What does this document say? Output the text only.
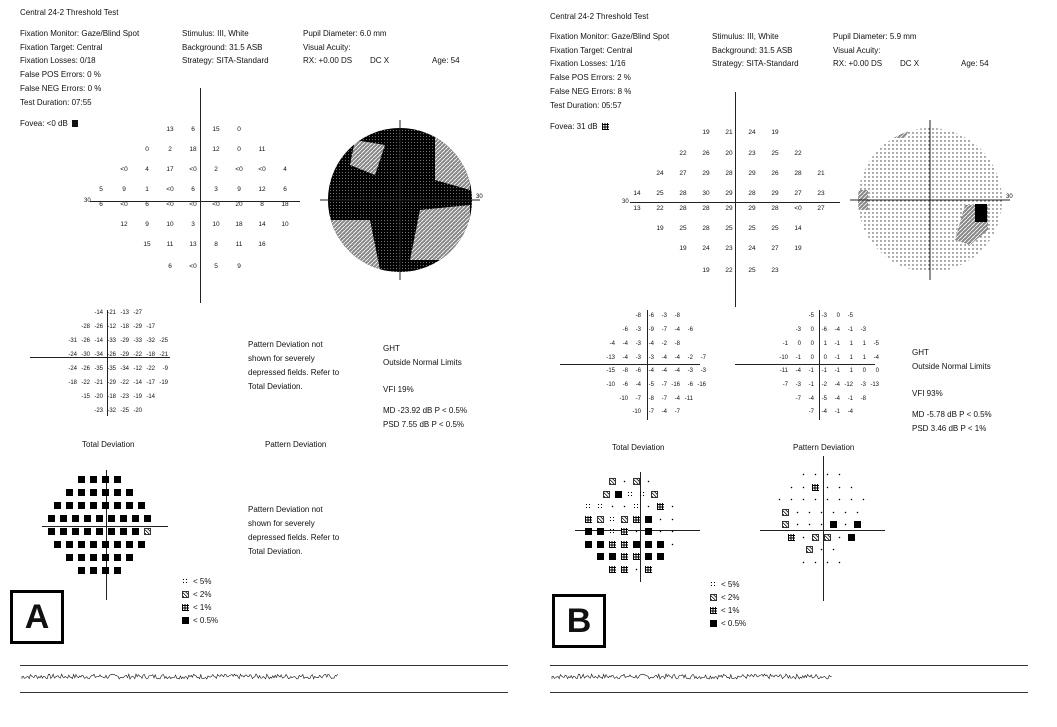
Central 24-2 Threshold Test
Fixation Monitor: Gaze/Blind Spot
Fixation Target: Central
Fixation Losses: 0/18
False POS Errors: 0 %
False NEG Errors: 0 %
Test Duration: 07:55
Fovea: <0 dB
Stimulus: III, White
Background: 31.5 ASB
Strategy: SITA-Standard
Pupil Diameter: 6.0 mm
Visual Acuity:
RX: +0.00 DS DC X	Age: 54
30
13	6	15	0
0	2	18	12	0	11
<0	4	17	<0	2	<0	<0	4
5	9	1	<0	6	3	9	12	6
6	<0	6	<0	<0	<0	20	8	18
12	9	10	3	10	18	14	10
15	11	13	8	11	16
6	<0	5	9
30
-14 -21 -13 -27
-28 -26 -12 -18 -29 -17
-31 -26 -14 -33 -29 -33 -32 -25
-24 -30 -34 -26 -29 -22 -18 -21
-24 -26 -35 -35 -34 -12 -22	-9
-18 -22 -21 -29 -22 -14 -17 -19
-15 -20 -18 -23 -19 -14
-23 -32 -25 -20
Pattern Deviation not shown for severely depressed fields. Refer to Total Deviation.
GHT
Outside Normal Limits
VFI 19%
MD -23.92 dB P < 0.5%
PSD 7.55 dB P < 0.5%
Total Deviation	Pattern Deviation
Pattern Deviation not shown for severely depressed fields. Refer to Total Deviation.
< 5%
< 2%
< 1%
< 0.5%
A
Central 24-2 Threshold Test
Fixation Monitor: Gaze/Blind Spot
Fixation Target: Central
Fixation Losses: 1/16
False POS Errors: 2 %
False NEG Errors: 8 %
Test Duration: 05:57
Fovea: 31 dB
Stimulus: III, White
Background: 31.5 ASB
Strategy: SITA-Standard
Pupil Diameter: 5.9 mm
Visual Acuity:
RX: +0.00 DS DC X	Age: 54
30
19	21	24	19
22	26	20	23	25	22
24	27	29	28	29	26	28	21
14	25	28	30	29	28	29	27	23
13	22	28	28	29	29	28	<0	27
19	25	28	25	25	25	14
19	24	23	24	27	19
19	22	25	23
30
-8	-6	-3	-8
-6	-3	-9	-7	-4	-6
-4	-4	-3	-4	-2	-8
-13	-4	-3	-3	-4	-4	-2	-7
-15	-8	-6	-4	-4	-4	-3	-3
-10	-6	-4	-5	-7 -16	-6 -16
-10	-7	-8	-7	-4 -11
-10	-7	-4	-7
-5	-3	0	-5
-3	0	-6	-4	-1	-3
-1	0	0	1	-1	1	1	-5
-10	-1	0	0	-1	1	1	-4
-11	-4	-1	-1	-1	1	0	0
-7	-3	-1	-2	-4 -12	-3 -13
-7	-4	-5	-4	-1	-8
-7	-4	-1	-4
GHT
Outside Normal Limits
VFI 93%
MD -5.78 dB P < 0.5%
PSD 3.46 dB P < 1%
Total Deviation	Pattern Deviation
< 5%
< 2%
< 1%
< 0.5%
B
